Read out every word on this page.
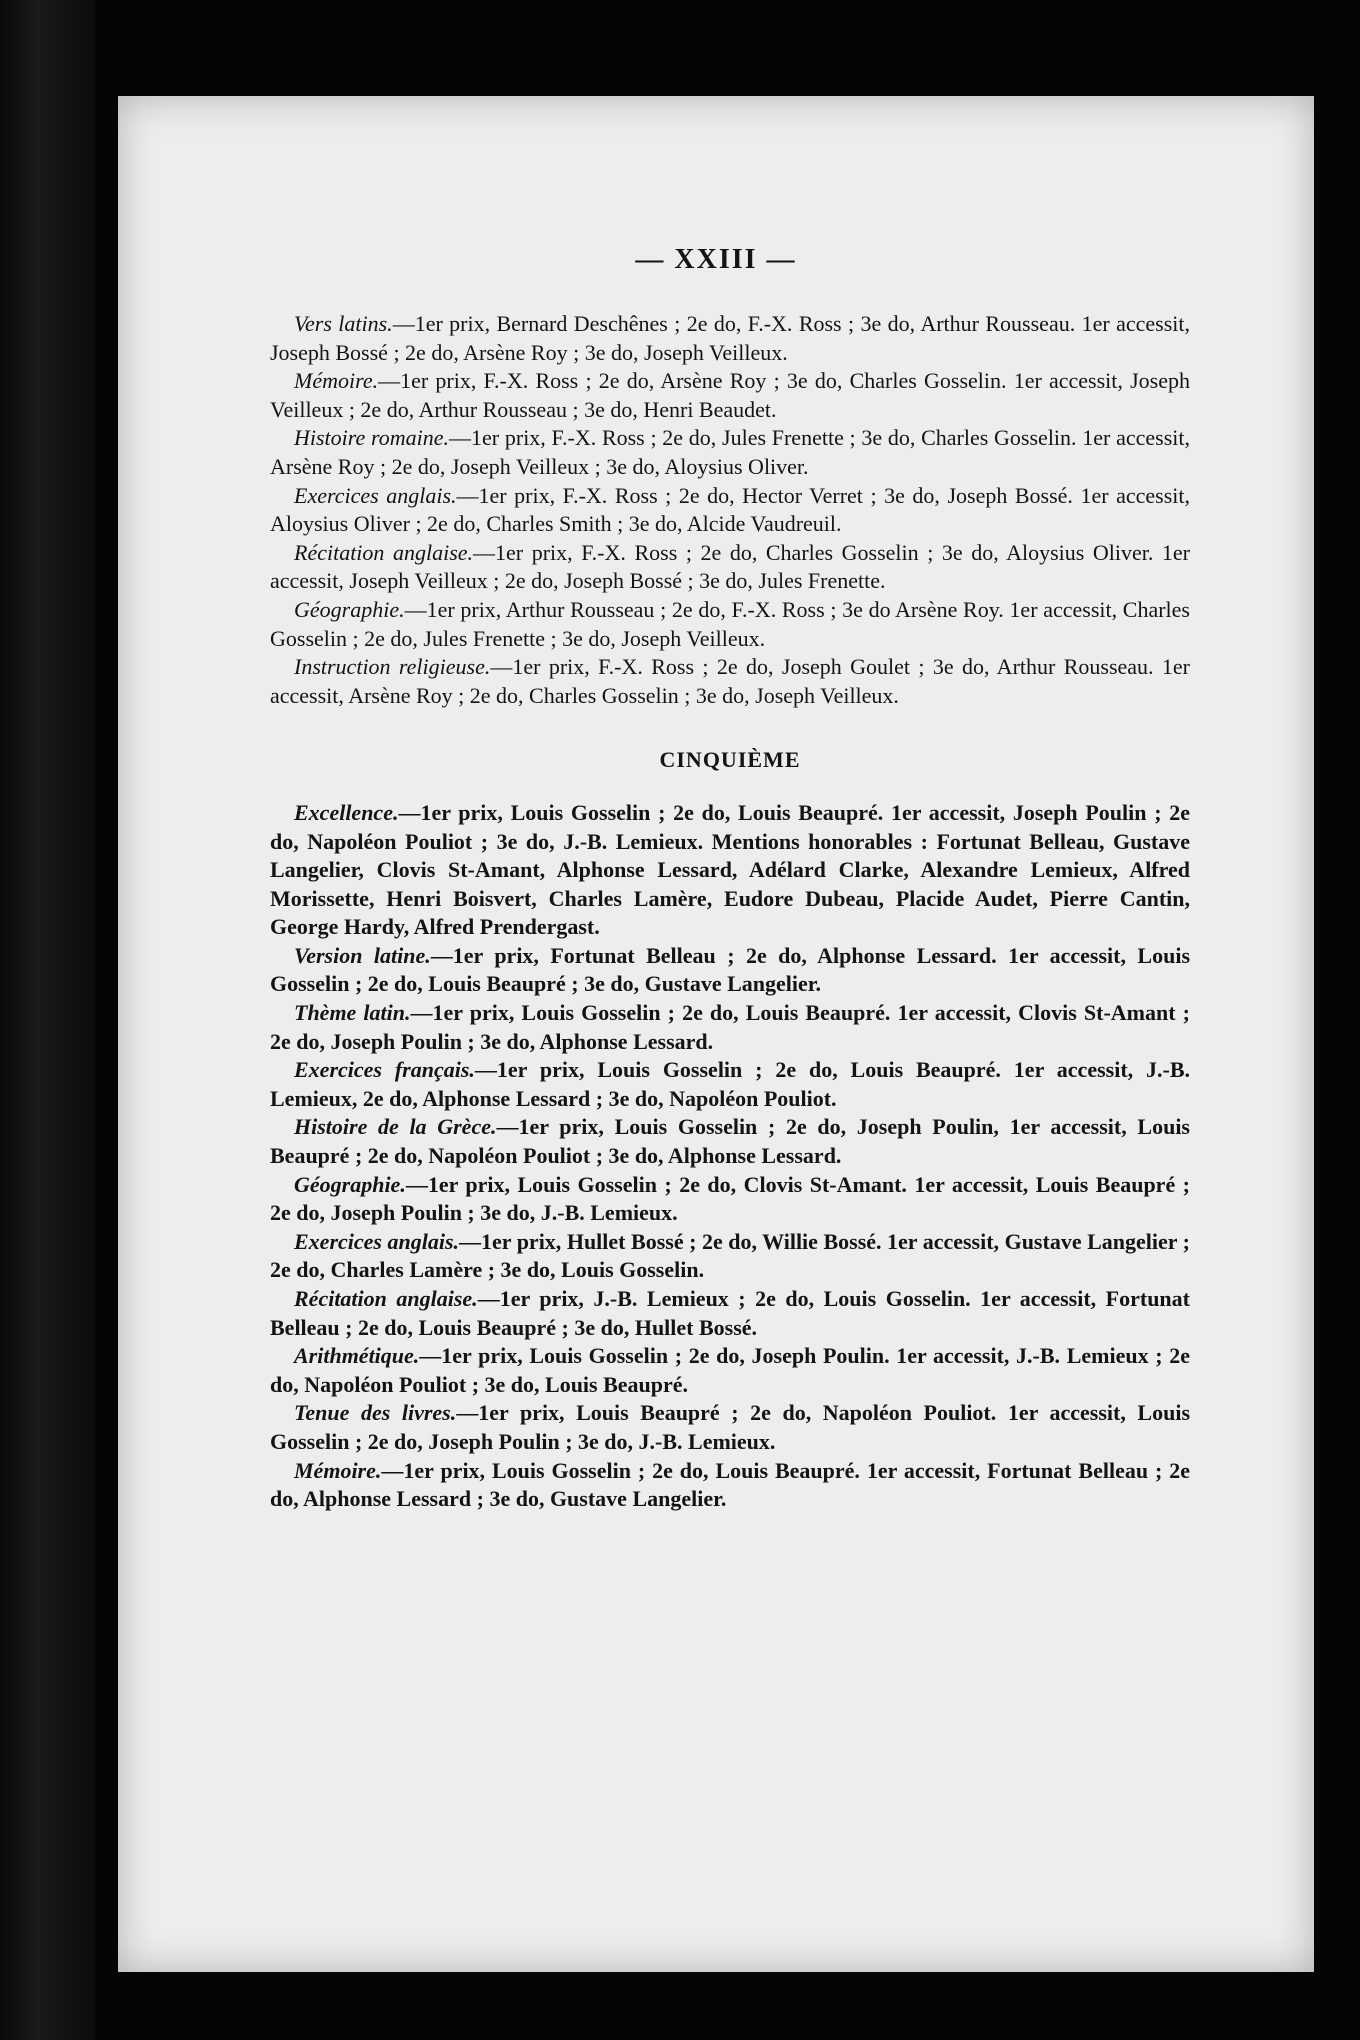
— XXIII —

Vers latins.—1er prix, Bernard Deschênes ; 2e do, F.-X. Ross ; 3e do, Arthur Rousseau. 1er accessit, Joseph Bossé ; 2e do, Arsène Roy ; 3e do, Joseph Veilleux.

Mémoire.—1er prix, F.-X. Ross ; 2e do, Arsène Roy ; 3e do, Charles Gosselin. 1er accessit, Joseph Veilleux ; 2e do, Arthur Rousseau ; 3e do, Henri Beaudet.

Histoire romaine.—1er prix, F.-X. Ross ; 2e do, Jules Frenette ; 3e do, Charles Gosselin. 1er accessit, Arsène Roy ; 2e do, Joseph Veilleux ; 3e do, Aloysius Oliver.

Exercices anglais.—1er prix, F.-X. Ross ; 2e do, Hector Verret ; 3e do, Joseph Bossé. 1er accessit, Aloysius Oliver ; 2e do, Charles Smith ; 3e do, Alcide Vaudreuil.

Récitation anglaise.—1er prix, F.-X. Ross ; 2e do, Charles Gosselin ; 3e do, Aloysius Oliver. 1er accessit, Joseph Veilleux ; 2e do, Joseph Bossé ; 3e do, Jules Frenette.

Géographie.—1er prix, Arthur Rousseau ; 2e do, F.-X. Ross ; 3e do Arsène Roy. 1er accessit, Charles Gosselin ; 2e do, Jules Frenette ; 3e do, Joseph Veilleux.

Instruction religieuse.—1er prix, F.-X. Ross ; 2e do, Joseph Goulet ; 3e do, Arthur Rousseau. 1er accessit, Arsène Roy ; 2e do, Charles Gosselin ; 3e do, Joseph Veilleux.

CINQUIÈME

Excellence.—1er prix, Louis Gosselin ; 2e do, Louis Beaupré. 1er accessit, Joseph Poulin ; 2e do, Napoléon Pouliot ; 3e do, J.-B. Lemieux. Mentions honorables : Fortunat Belleau, Gustave Langelier, Clovis St-Amant, Alphonse Lessard, Adélard Clarke, Alexandre Lemieux, Alfred Morissette, Henri Boisvert, Charles Lamère, Eudore Dubeau, Placide Audet, Pierre Cantin, George Hardy, Alfred Prendergast.

Version latine.—1er prix, Fortunat Belleau ; 2e do, Alphonse Lessard. 1er accessit, Louis Gosselin ; 2e do, Louis Beaupré ; 3e do, Gustave Langelier.

Thème latin.—1er prix, Louis Gosselin ; 2e do, Louis Beaupré. 1er accessit, Clovis St-Amant ; 2e do, Joseph Poulin ; 3e do, Alphonse Lessard.

Exercices français.—1er prix, Louis Gosselin ; 2e do, Louis Beaupré. 1er accessit, J.-B. Lemieux, 2e do, Alphonse Lessard ; 3e do, Napoléon Pouliot.

Histoire de la Grèce.—1er prix, Louis Gosselin ; 2e do, Joseph Poulin, 1er accessit, Louis Beaupré ; 2e do, Napoléon Pouliot ; 3e do, Alphonse Lessard.

Géographie.—1er prix, Louis Gosselin ; 2e do, Clovis St-Amant. 1er accessit, Louis Beaupré ; 2e do, Joseph Poulin ; 3e do, J.-B. Lemieux.

Exercices anglais.—1er prix, Hullet Bossé ; 2e do, Willie Bossé. 1er accessit, Gustave Langelier ; 2e do, Charles Lamère ; 3e do, Louis Gosselin.

Récitation anglaise.—1er prix, J.-B. Lemieux ; 2e do, Louis Gosselin. 1er accessit, Fortunat Belleau ; 2e do, Louis Beaupré ; 3e do, Hullet Bossé.

Arithmétique.—1er prix, Louis Gosselin ; 2e do, Joseph Poulin. 1er accessit, J.-B. Lemieux ; 2e do, Napoléon Pouliot ; 3e do, Louis Beaupré.

Tenue des livres.—1er prix, Louis Beaupré ; 2e do, Napoléon Pouliot. 1er accessit, Louis Gosselin ; 2e do, Joseph Poulin ; 3e do, J.-B. Lemieux.

Mémoire.—1er prix, Louis Gosselin ; 2e do, Louis Beaupré. 1er accessit, Fortunat Belleau ; 2e do, Alphonse Lessard ; 3e do, Gustave Langelier.
